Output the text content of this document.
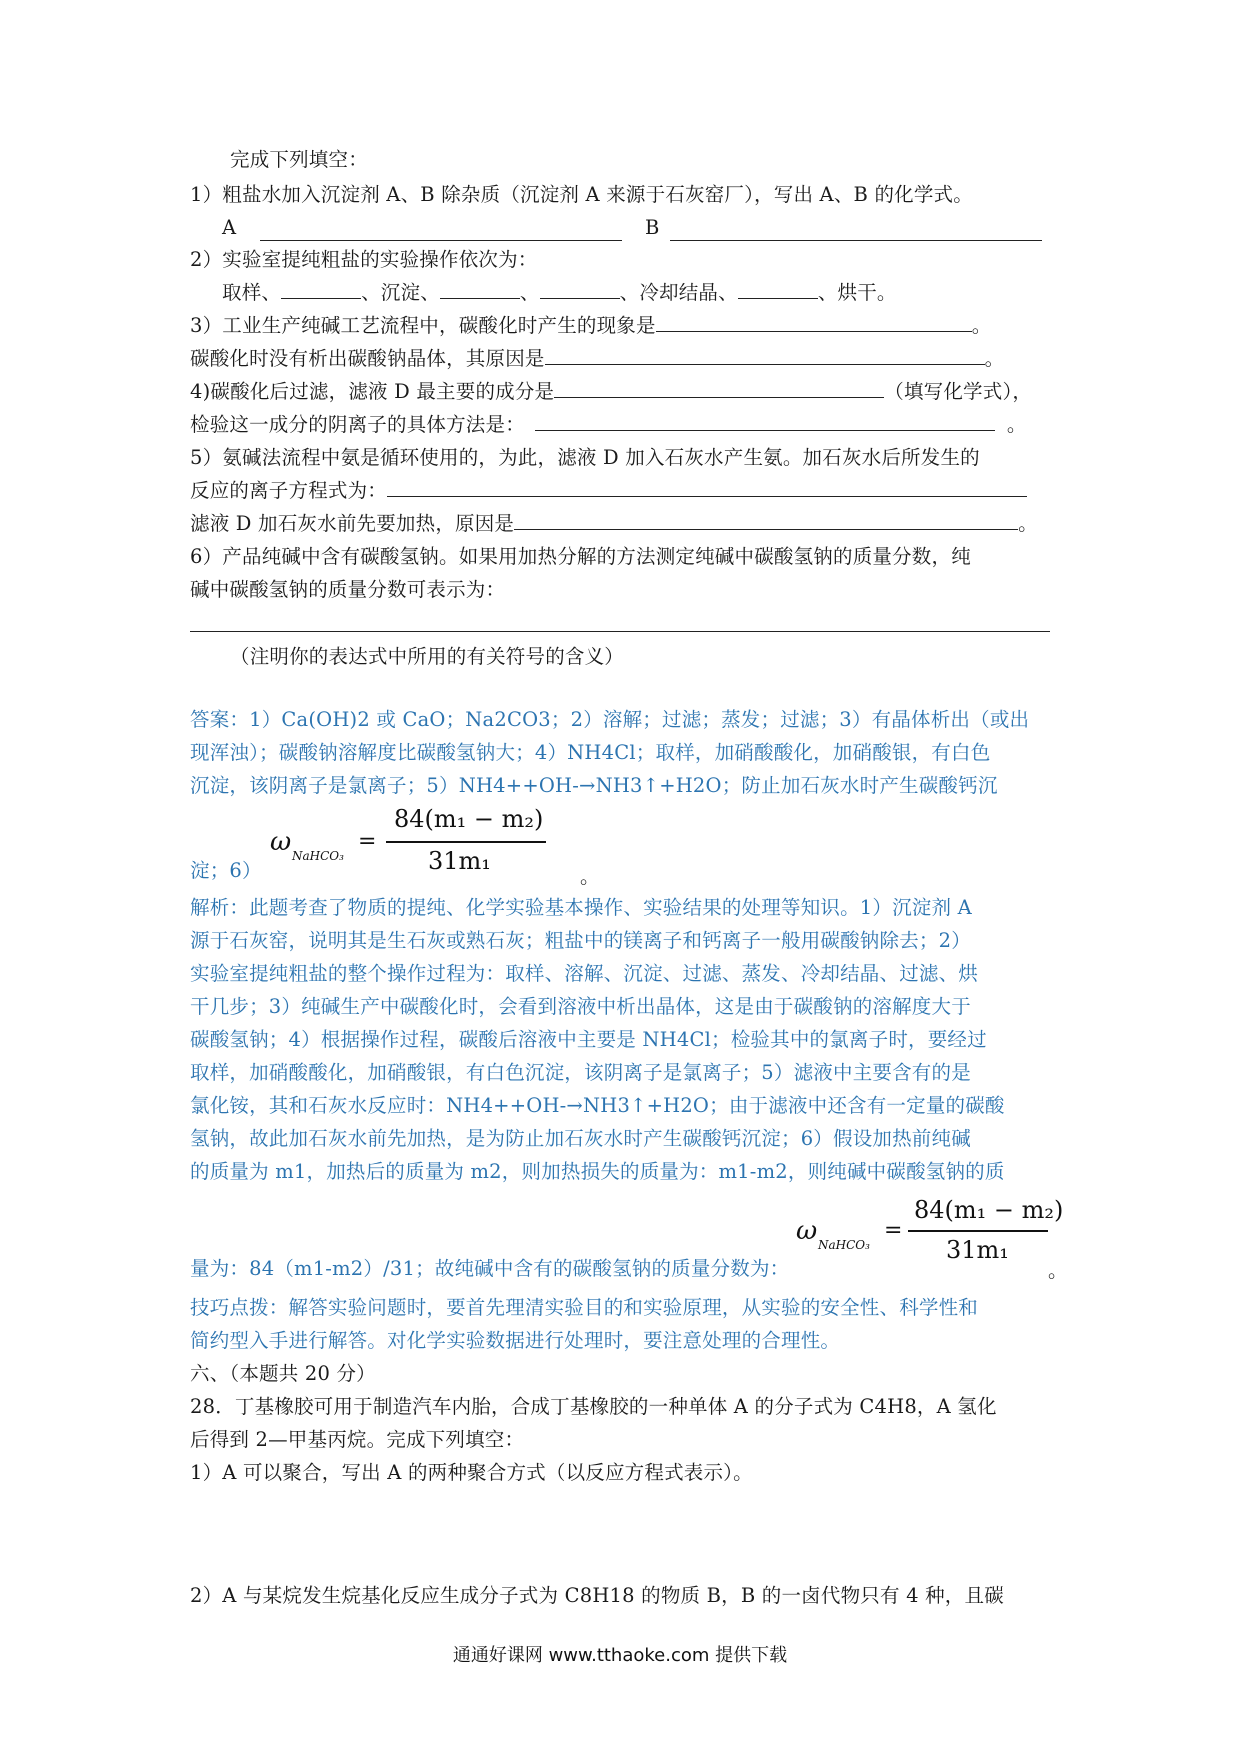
完成下列填空：
1）粗盐水加入沉淀剂 A、B 除杂质（沉淀剂 A 来源于石灰窑厂），写出 A、B 的化学式。
A	B
2）实验室提纯粗盐的实验操作依次为：
取样、	、沉淀、	、	、冷却结晶、	、烘干。
3）工业生产纯碱工艺流程中，碳酸化时产生的现象是	。
碳酸化时没有析出碳酸钠晶体，其原因是	。
4)碳酸化后过滤，滤液 D 最主要的成分是	（填写化学式），
检验这一成分的阴离子的具体方法是：	。
5）氨碱法流程中氨是循环使用的，为此，滤液 D 加入石灰水产生氨。加石灰水后所发生的
反应的离子方程式为：
滤液 D 加石灰水前先要加热，原因是	。
6）产品纯碱中含有碳酸氢钠。如果用加热分解的方法测定纯碱中碳酸氢钠的质量分数，纯
碱中碳酸氢钠的质量分数可表示为：
（注明你的表达式中所用的有关符号的含义）
答案：1）Ca(OH)2 或 CaO；Na2CO3；2）溶解；过滤；蒸发；过滤；3）有晶体析出（或出
现浑浊）；碳酸钠溶解度比碳酸氢钠大；4）NH4Cl；取样，加硝酸酸化，加硝酸银，有白色
沉淀，该阴离子是氯离子；5）NH4++OH-→NH3↑+H2O；防止加石灰水时产生碳酸钙沉
ω NaHCO₃
=
84(m₁ − m₂)
31m₁
淀；6）	。
解析：此题考查了物质的提纯、化学实验基本操作、实验结果的处理等知识。1）沉淀剂 A
源于石灰窑，说明其是生石灰或熟石灰；粗盐中的镁离子和钙离子一般用碳酸钠除去；2）
实验室提纯粗盐的整个操作过程为：取样、溶解、沉淀、过滤、蒸发、冷却结晶、过滤、烘
干几步；3）纯碱生产中碳酸化时，会看到溶液中析出晶体，这是由于碳酸钠的溶解度大于
碳酸氢钠；4）根据操作过程，碳酸后溶液中主要是 NH4Cl；检验其中的氯离子时，要经过
取样，加硝酸酸化，加硝酸银，有白色沉淀，该阴离子是氯离子；5）滤液中主要含有的是
氯化铵，其和石灰水反应时：NH4++OH-→NH3↑+H2O；由于滤液中还含有一定量的碳酸
氢钠，故此加石灰水前先加热，是为防止加石灰水时产生碳酸钙沉淀；6）假设加热前纯碱
的质量为 m1，加热后的质量为 m2，则加热损失的质量为：m1-m2，则纯碱中碳酸氢钠的质
ω NaHCO₃
=
84(m₁ − m₂)
31m₁
量为：84（m1-m2）/31；故纯碱中含有的碳酸氢钠的质量分数为：	。
技巧点拨：解答实验问题时，要首先理清实验目的和实验原理，从实验的安全性、科学性和
简约型入手进行解答。对化学实验数据进行处理时，要注意处理的合理性。
六、（本题共 20 分）
28．丁基橡胶可用于制造汽车内胎，合成丁基橡胶的一种单体 A 的分子式为 C4H8，A 氢化
后得到 2—甲基丙烷。完成下列填空：
1）A 可以聚合，写出 A 的两种聚合方式（以反应方程式表示）。
2）A 与某烷发生烷基化反应生成分子式为 C8H18 的物质 B，B 的一卤代物只有 4 种，且碳
通通好课网 www.tthaoke.com 提供下载
